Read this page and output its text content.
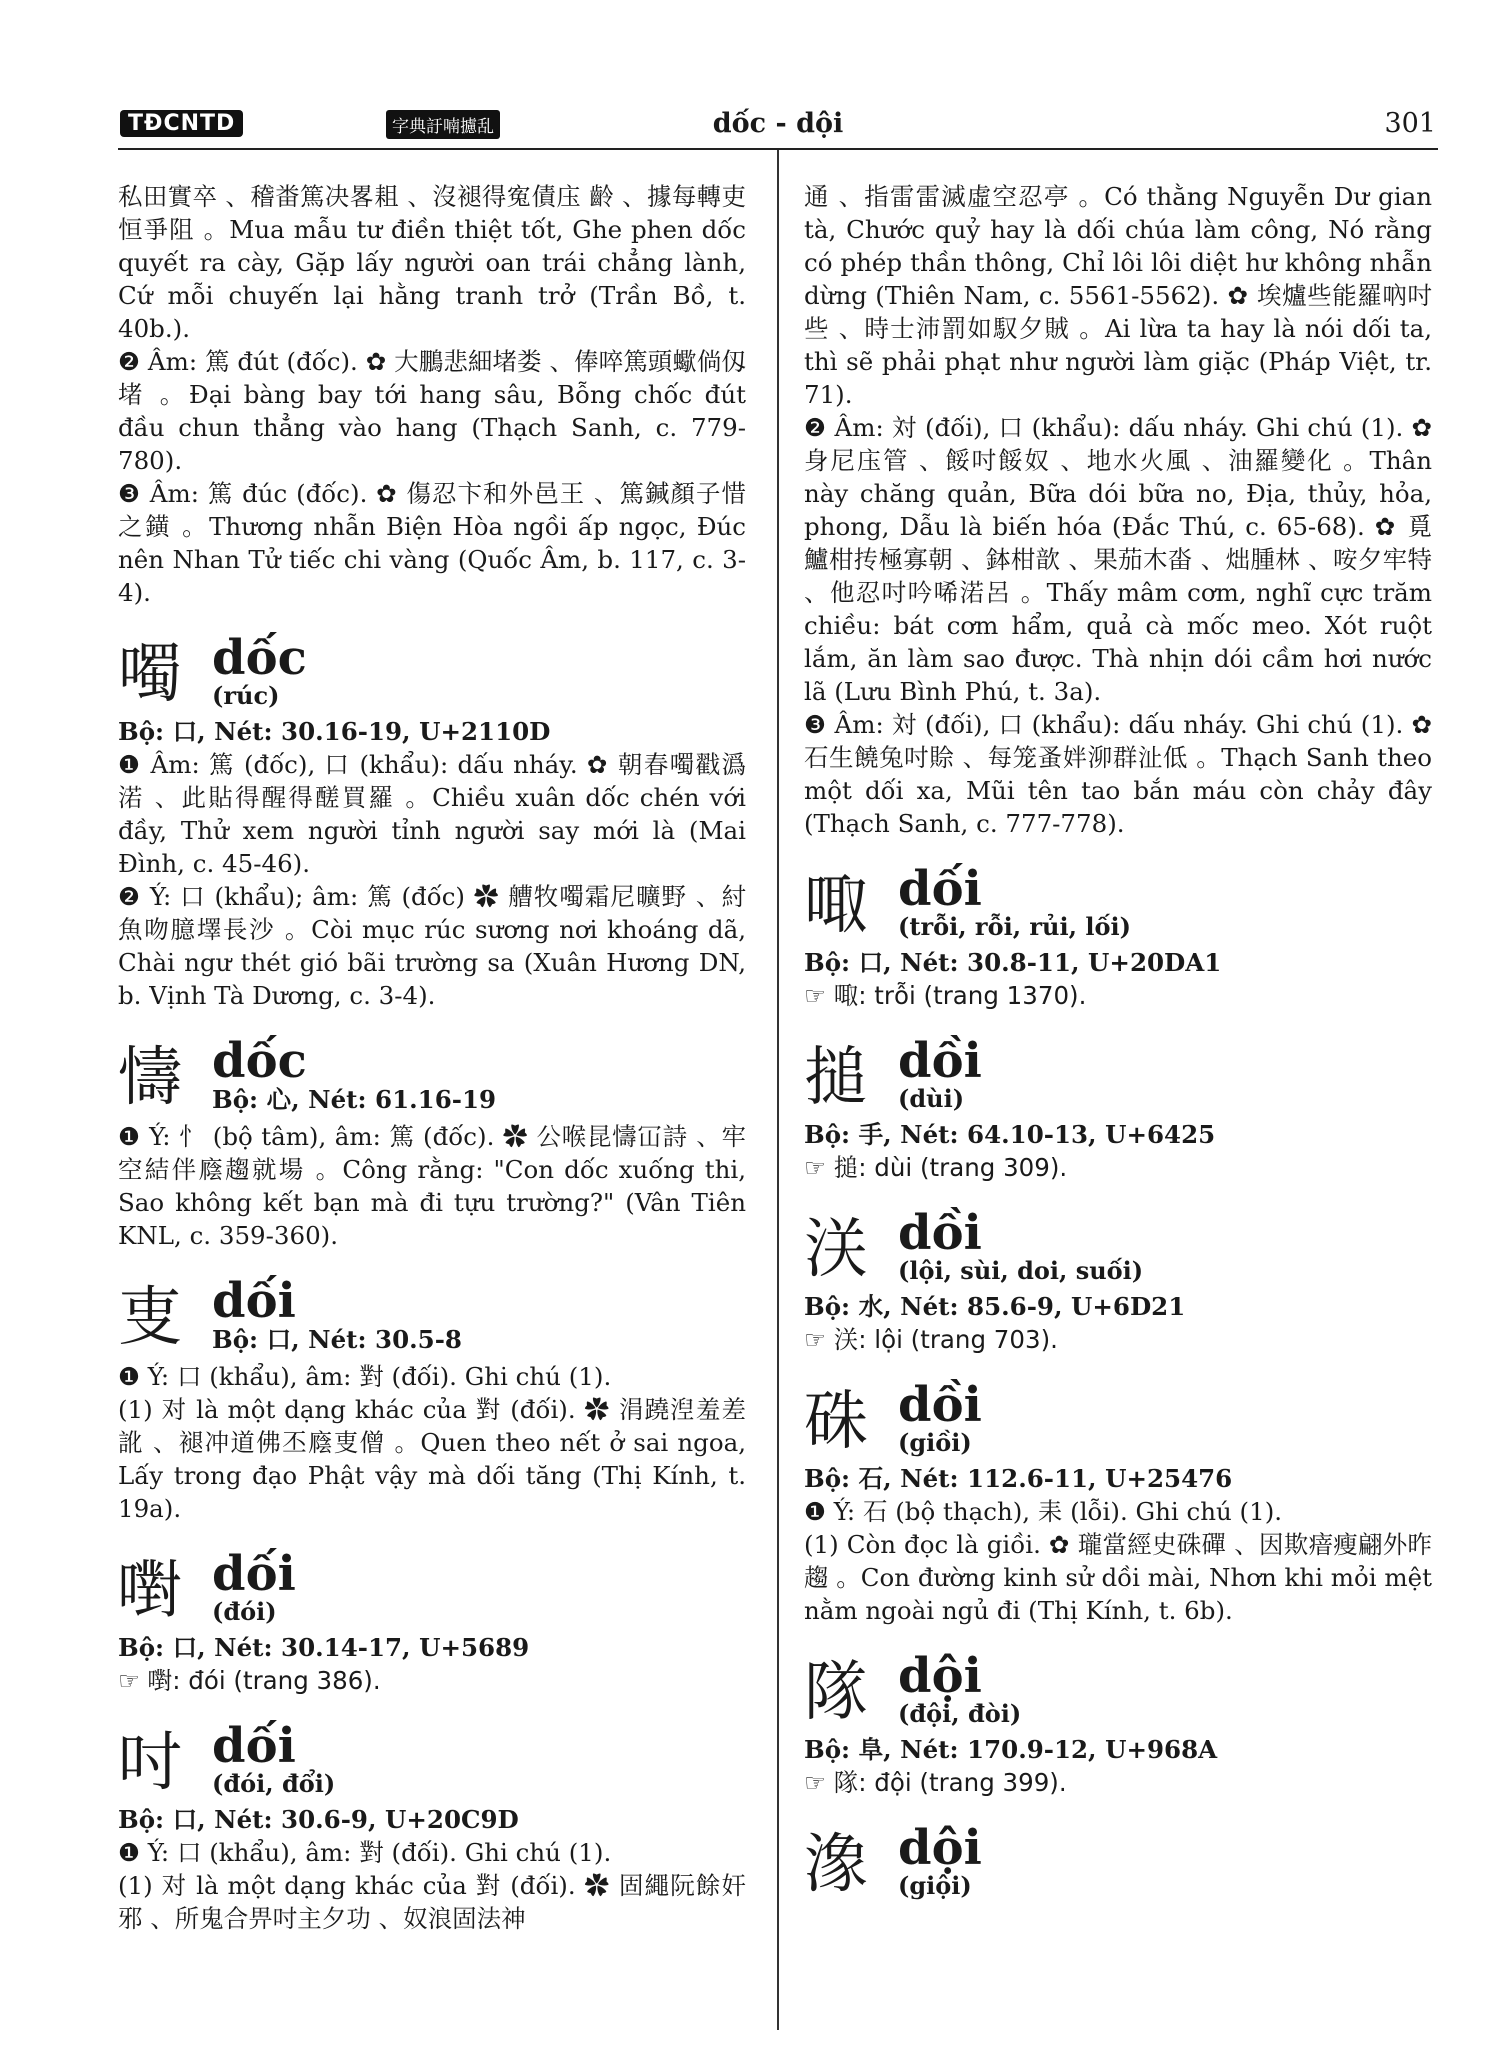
TĐCNTD	字典訏喃攄乱	dốc - dội	301

私田實卒 、稽畨篤决畧耝 、沒褪得寃債庒 齡 、據每轉吏恒爭阻 。Mua mẫu tư điền thiệt tốt, Ghe phen dốc quyết ra cày, Gặp lấy người oan trái chẳng lành, Cứ mỗi chuyến lại hằng tranh trở (Trần Bồ, t. 40b.).

❷ Âm: 篤 đút (đốc). ✿ 大鵬悲細堵娄 、俸啐篤頭蠍倘仭堵 。Đại bàng bay tới hang sâu, Bỗng chốc đút đầu chun thẳng vào hang (Thạch Sanh, c. 779-780).

❸ Âm: 篤 đúc (đốc). ✿ 傷忍卞和外邑王 、篤鍼顏子惜之鐄 。Thương nhẫn Biện Hòa ngồi ấp ngọc, Đúc nên Nhan Tử tiếc chi vàng (Quốc Âm, b. 117, c. 3-4).

噣 dốc
(rúc)

Bộ: 口, Nét: 30.16-19, U+2110D

❶ Âm: 篤 (đốc), 口 (khẩu): dấu nháy. ✿ 朝春噣戳潙渃 、此貼得醒得醝買羅 。Chiều xuân dốc chén với đầy, Thử xem người tỉnh người say mới là (Mai Đình, c. 45-46).

❷ Ý: 口 (khẩu); âm: 篤 (đốc) ✿ 艚牧噣霜尼曠野 、紂魚吻臆墿長沙 。Còi mục rúc sương nơi khoáng dã, Chài ngư thét gió bãi trường sa (Xuân Hương DN, b. Vịnh Tà Dương, c. 3-4).

懤 dốc
Bộ: 心, Nét: 61.16-19

❶ Ý: 忄 (bộ tâm), âm: 篤 (đốc). ✿ 公喉昆懤冚詩 、牢空結伴廕趨就場 。Công rằng: "Con dốc xuống thi, Sao không kết bạn mà đi tựu trường?" (Vân Tiên KNL, c. 359-360).

叓 dối
Bộ: 口, Nét: 30.5-8

❶ Ý: 口 (khẩu), âm: 對 (đối). Ghi chú (1).

(1) 对 là một dạng khác của 對 (đối). ✿ 涓蹺湼羞差訛 、褪冲道佛丕廕叓僧 。Quen theo nết ở sai ngoa, Lấy trong đạo Phật vậy mà dối tăng (Thị Kính, t. 19a).

嚉 dối
(đói)

Bộ: 口, Nét: 30.14-17, U+5689

☞ 嚉: đói (trang 386).

吋 dối
(đói, đổi)

Bộ: 口, Nét: 30.6-9, U+20C9D

❶ Ý: 口 (khẩu), âm: 對 (đối). Ghi chú (1).

(1) 对 là một dạng khác của 對 (đối). ✿ 固繩阮餘奸邪 、所鬼合畀吋主夕功 、奴浪固法神

通 、指雷雷滅虛空忍亭 。Có thằng Nguyễn Dư gian tà, Chước quỷ hay là dối chúa làm công, Nó rằng có phép thần thông, Chỉ lôi lôi diệt hư không nhẫn dừng (Thiên Nam, c. 5561-5562). ✿ 埃爐些能羅吶吋些 、時士沛罰如馭夕賊 。Ai lừa ta hay là nói dối ta, thì sẽ phải phạt như người làm giặc (Pháp Việt, tr. 71).

❷ Âm: 対 (đối), 口 (khẩu): dấu nháy. Ghi chú (1). ✿ 身尼庒管 、餒吋餒奴 、地水火風 、油羅變化 。Thân này chăng quản, Bữa dói bữa no, Địa, thủy, hỏa, phong, Dẫu là biến hóa (Đắc Thú, c. 65-68). ✿ 覓鱸柑抟極寡朝 、鉢柑歆 、果茄木畓 、炪腫林 、咹夕牢特 、他忍吋吟唏渃呂 。Thấy mâm cơm, nghĩ cực trăm chiều: bát cơm hẩm, quả cà mốc meo. Xót ruột lắm, ăn làm sao được. Thà nhịn dói cầm hơi nước lã (Lưu Bình Phú, t. 3a).

❸ Âm: 対 (đối), 口 (khẩu): dấu nháy. Ghi chú (1). ✿ 石生饒兔吋賒 、每笼蚤姅泖群沚低 。Thạch Sanh theo một dối xa, Mũi tên tao bắn máu còn chảy đây (Thạch Sanh, c. 777-778).

㖩 dối
(trỗi, rỗi, rủi, lối)

Bộ: 口, Nét: 30.8-11, U+20DA1

☞ 㖩: trỗi (trang 1370).

搥 dồi
(dùi)

Bộ: 手, Nét: 64.10-13, U+6425

☞ 搥: dùi (trang 309).

浂 dồi
(lội, sùi, doi, suối)

Bộ: 水, Nét: 85.6-9, U+6D21

☞ 浂: lội (trang 703).

硃 dồi
(giồi)

Bộ: 石, Nét: 112.6-11, U+25476

❶ Ý: 石 (bộ thạch), 耒 (lỗi). Ghi chú (1).

(1) Còn đọc là giồi. ✿ 瓏當經史硃磾 、因欺瘖瘦翩外昨趨 。Con đường kinh sử dồi mài, Nhơn khi mỏi mệt nằm ngoài ngủ đi (Thị Kính, t. 6b).

隊 dội
(đội, đòi)

Bộ: 阜, Nét: 170.9-12, U+968A

☞ 隊: đội (trang 399).

潒 dội
(giội)
